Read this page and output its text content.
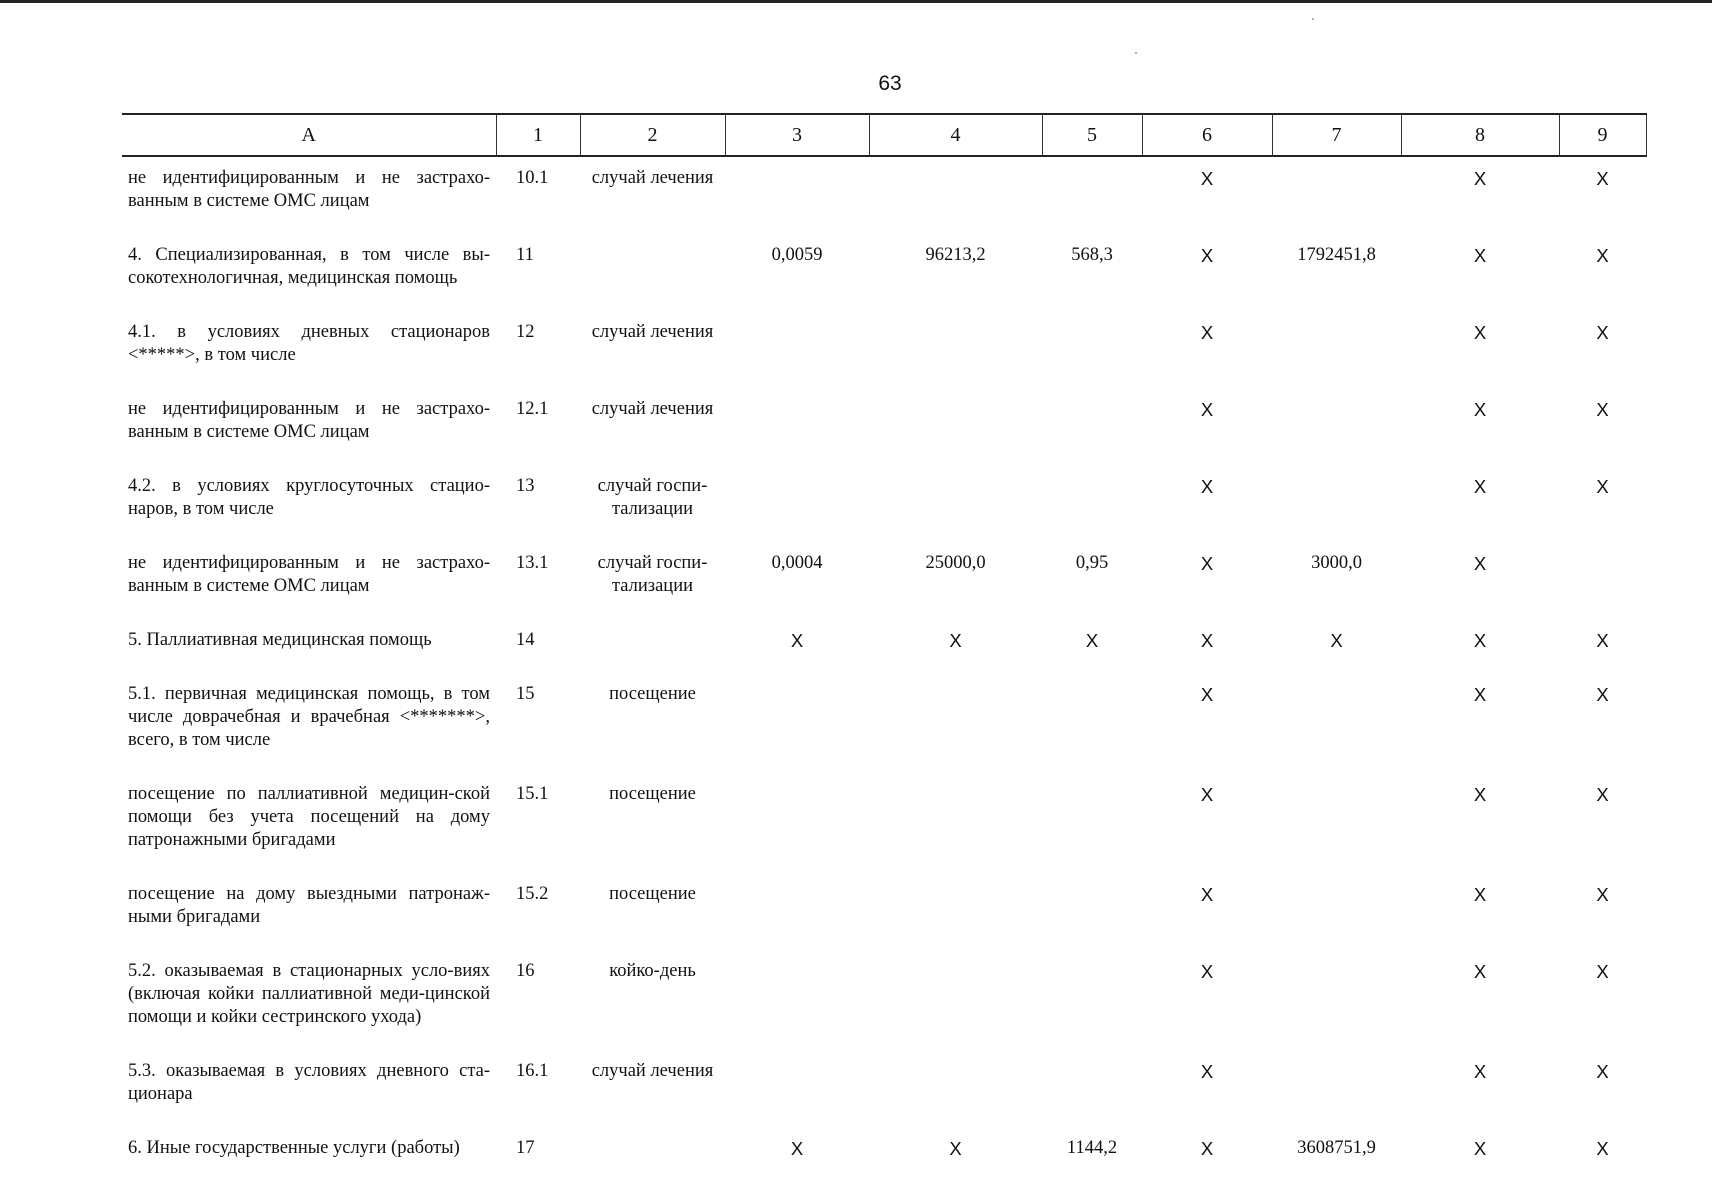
63
A	1	2	3	4	5	6	7	8	9
не идентифицированным и не застрахо-ванным в системе ОМС лицам	10.1	случай лечения				X		X	X
4. Специализированная, в том числе вы-сокотехнологичная, медицинская помощь	11		0,0059	96213,2	568,3	X	1792451,8	X	X
4.1. в условиях дневных стационаров <*****>, в том числе	12	случай лечения				X		X	X
не идентифицированным и не застрахо-ванным в системе ОМС лицам	12.1	случай лечения				X		X	X
4.2. в условиях круглосуточных стацио-наров, в том числе	13	случай госпи-тализации				X		X	X
не идентифицированным и не застрахо-ванным в системе ОМС лицам	13.1	случай госпи-тализации	0,0004	25000,0	0,95	X	3000,0	X	
5. Паллиативная медицинская помощь	14		X	X	X	X	X	X	X
5.1. первичная медицинская помощь, в том числе доврачебная и врачебная <*******>, всего, в том числе	15	посещение				X		X	X
посещение по паллиативной медицин-ской помощи без учета посещений на дому патронажными бригадами	15.1	посещение				X		X	X
посещение на дому выездными патронаж-ными бригадами	15.2	посещение				X		X	X
5.2. оказываемая в стационарных усло-виях (включая койки паллиативной меди-цинской помощи и койки сестринского ухода)	16	койко-день				X		X	X
5.3. оказываемая в условиях дневного ста-ционара	16.1	случай лечения				X		X	X
6. Иные государственные услуги (работы)	17		X	X	1144,2	X	3608751,9	X	X
